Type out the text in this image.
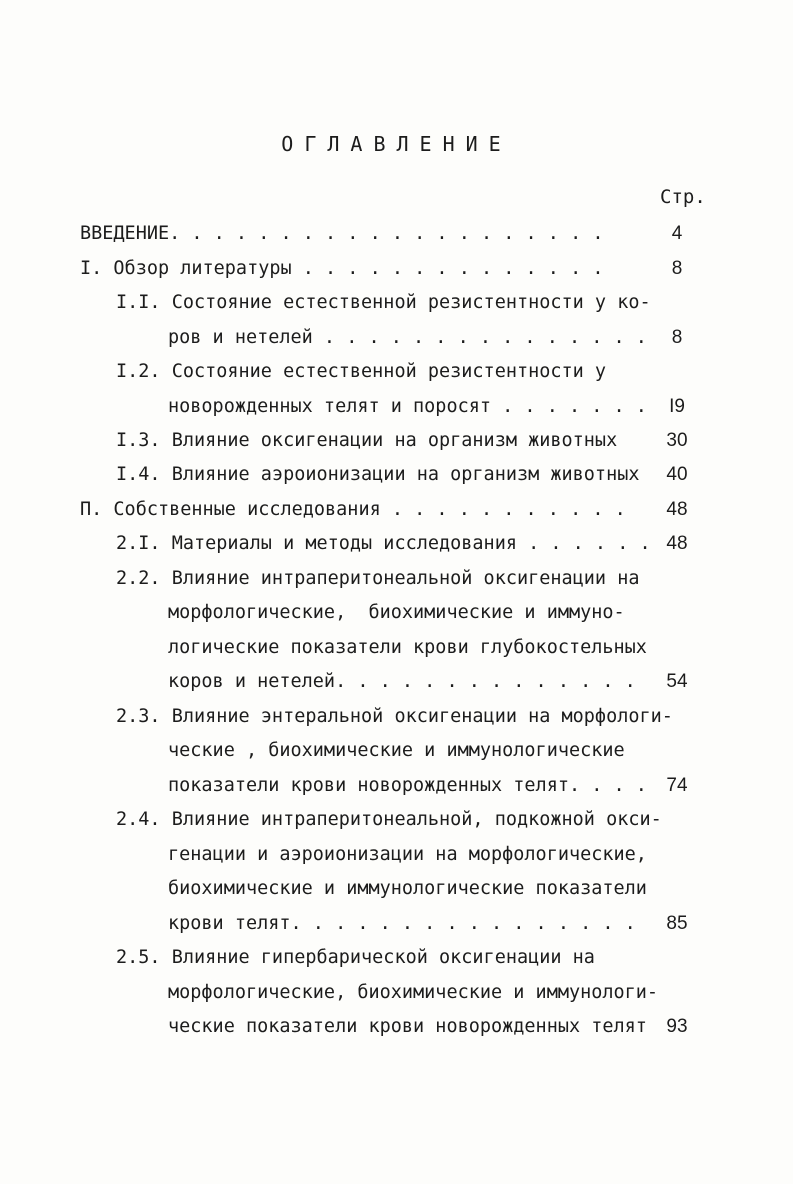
ОГЛАВЛЕНИЕ
Стр.
ВВЕДЕНИЕ. . . . . . . . . . . . . . . . . . . .	4
I. Обзор литературы . . . . . . . . . . . . . .	8
I.I. Состояние естественной резистентности у ко-
ров и нетелей . . . . . . . . . . . . . . .	8
I.2. Состояние естественной резистентности у
новорожденных телят и поросят . . . . . . .	I9
I.3. Влияние оксигенации на организм животных	30
I.4. Влияние аэроионизации на организм животных	40
П. Собственные исследования . . . . . . . . . . .	48
2.I. Материалы и методы исследования . . . . . . 48
2.2. Влияние интраперитонеальной оксигенации на
морфологические,  биохимические и иммуно-
логические показатели крови глубокостельных
коров и нетелей. . . . . . . . . . . . . .	54
2.3. Влияние энтеральной оксигенации на морфологи-
ческие , биохимические и иммунологические
показатели крови новорожденных телят. . . .	74
2.4. Влияние интраперитонеальной, подкожной окси-
генации и аэроионизации на морфологические,
биохимические и иммунологические показатели
крови телят. . . . . . . . . . . . . . . .	85
2.5. Влияние гипербарической оксигенации на
морфологические, биохимические и иммунологи-
ческие показатели крови новорожденных телят	93
